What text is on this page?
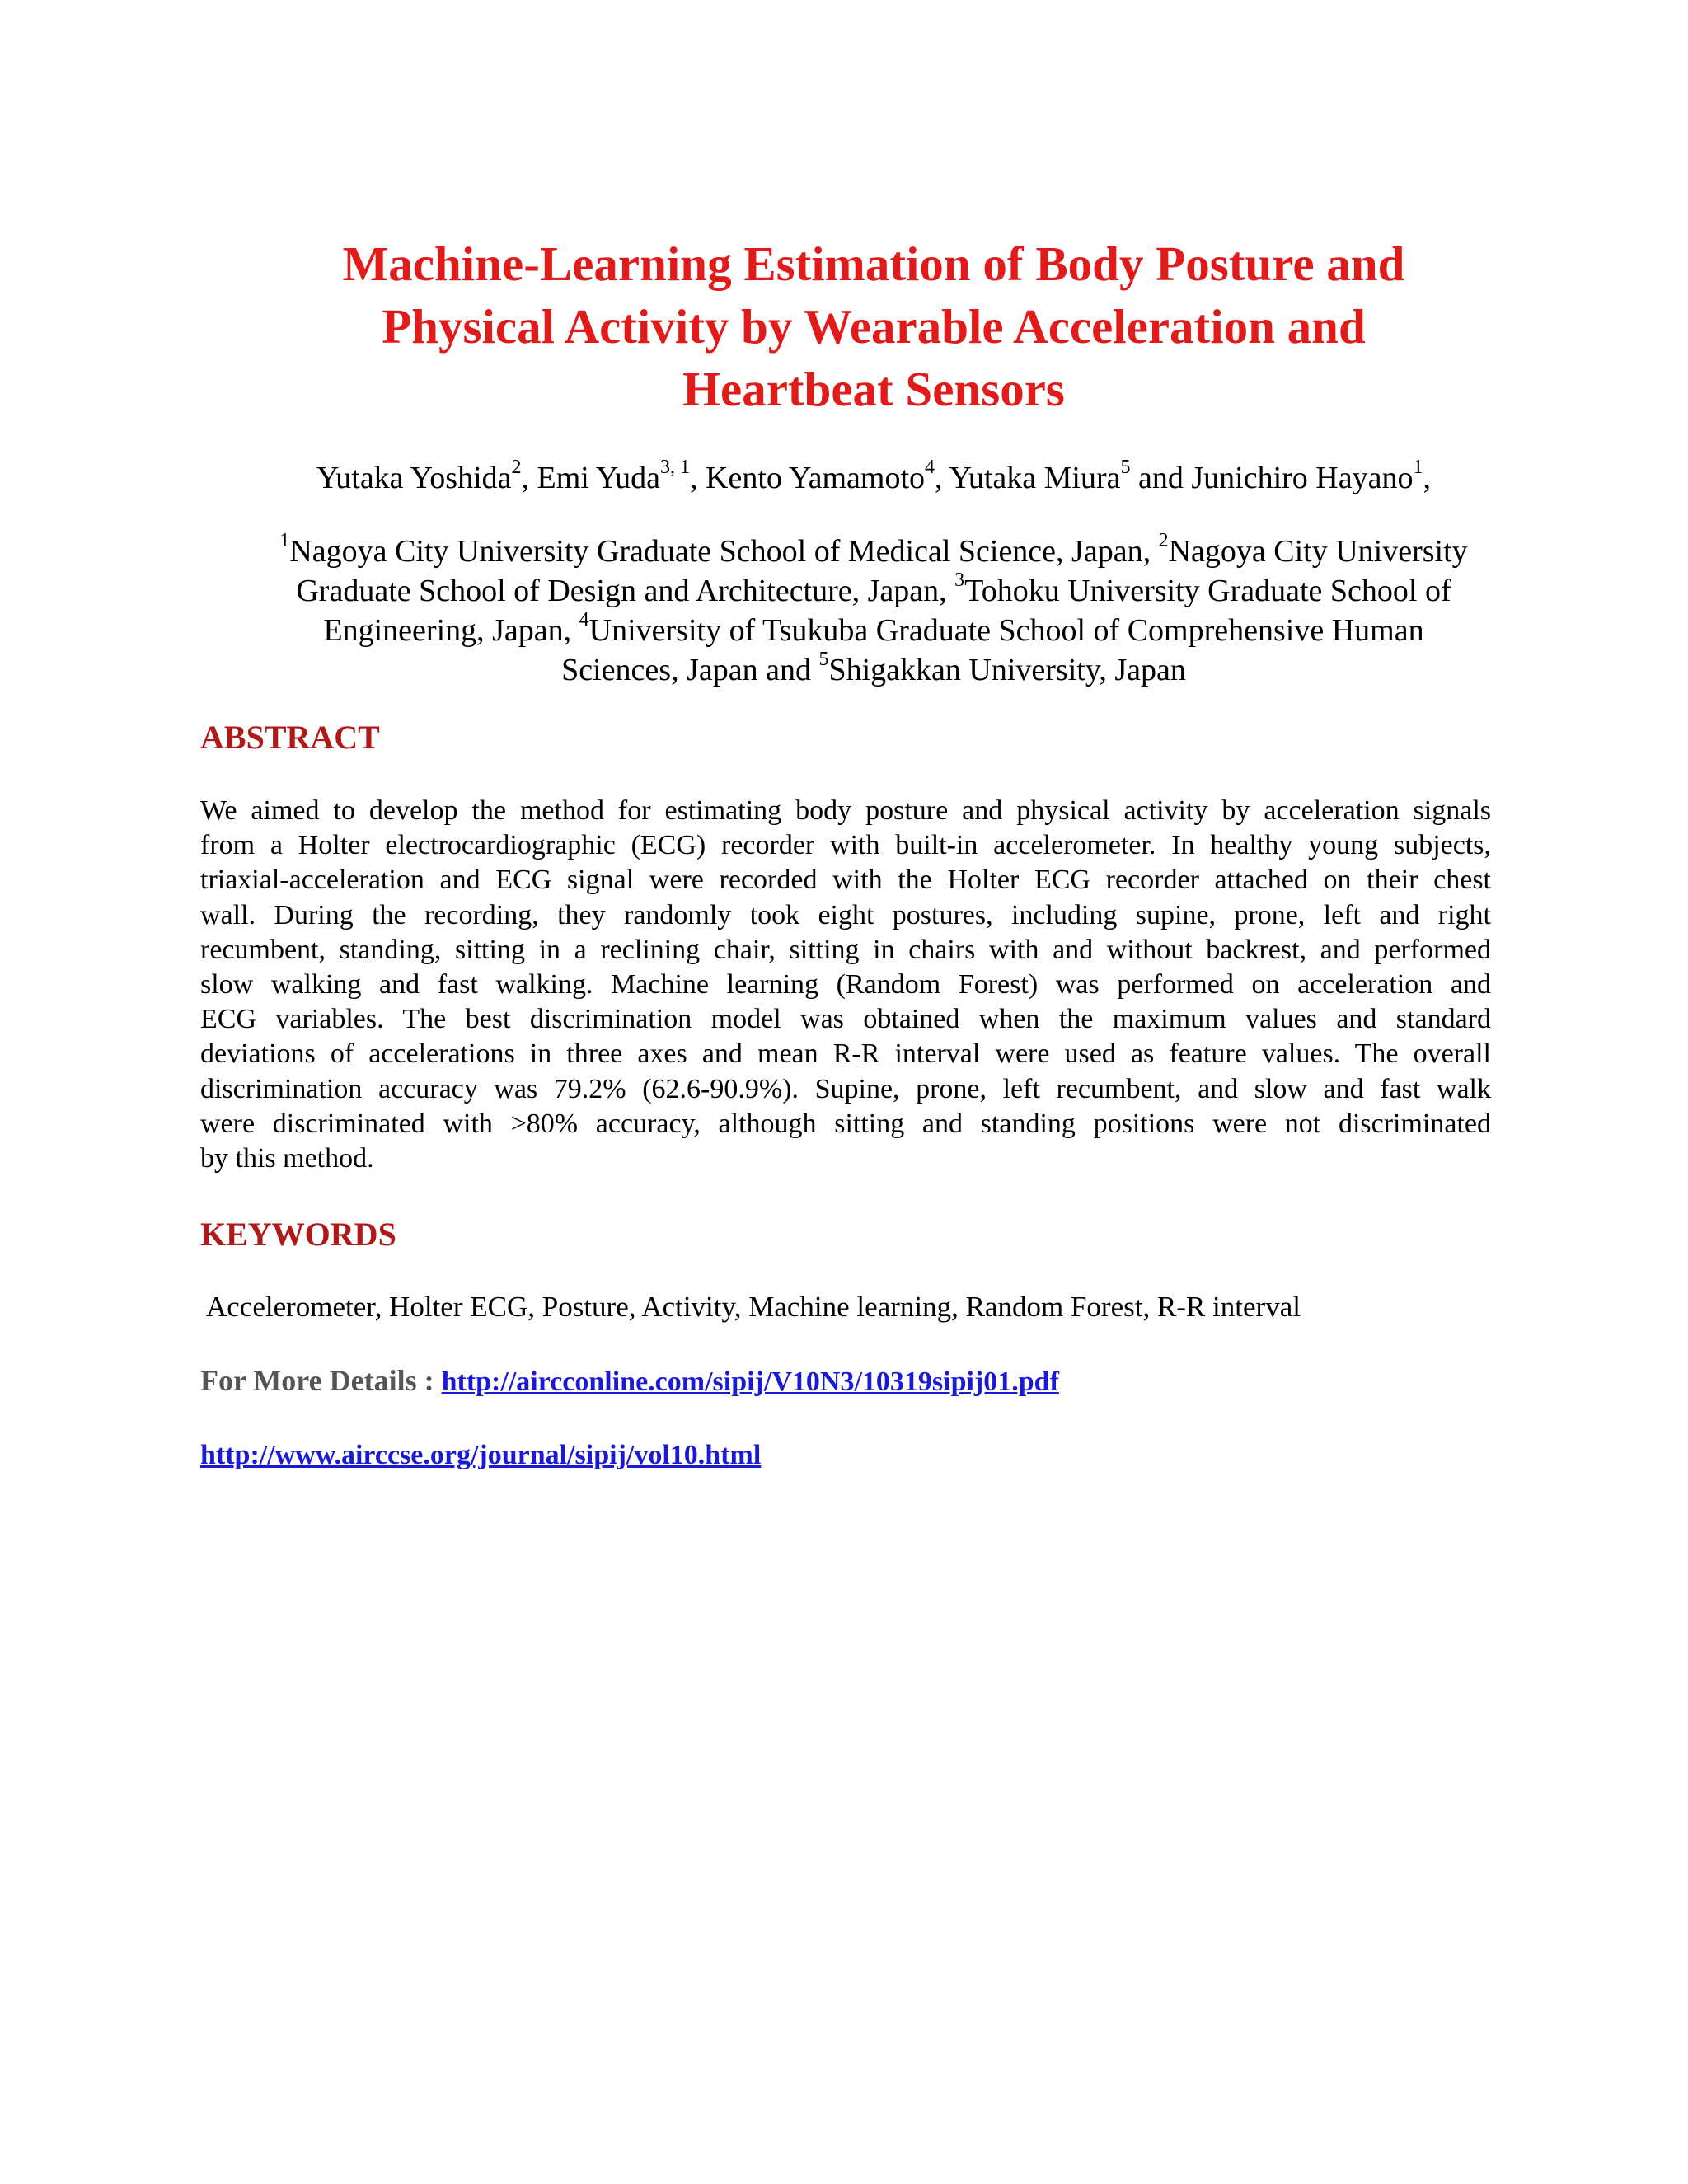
Machine-Learning Estimation of Body Posture and
Physical Activity by Wearable Acceleration and
Heartbeat Sensors
Yutaka Yoshida$^2$, Emi Yuda$^{3, 1}$, Kento Yamamoto$^4$, Yutaka Miura$^5$ and Junichiro Hayano$^1$,
$^1$Nagoya City University Graduate School of Medical Science, Japan, $^2$Nagoya City University
Graduate School of Design and Architecture, Japan, $^3$Tohoku University Graduate School of
Engineering, Japan, $^4$University of Tsukuba Graduate School of Comprehensive Human
Sciences, Japan and $^5$Shigakkan University, Japan
ABSTRACT
We aimed to develop the method for estimating body posture and physical activity by acceleration signals
from a Holter electrocardiographic (ECG) recorder with built-in accelerometer. In healthy young subjects,
triaxial-acceleration and ECG signal were recorded with the Holter ECG recorder attached on their chest
wall. During the recording, they randomly took eight postures, including supine, prone, left and right
recumbent, standing, sitting in a reclining chair, sitting in chairs with and without backrest, and performed
slow walking and fast walking. Machine learning (Random Forest) was performed on acceleration and
ECG variables. The best discrimination model was obtained when the maximum values and standard
deviations of accelerations in three axes and mean R-R interval were used as feature values. The overall
discrimination accuracy was 79.2% (62.6-90.9%). Supine, prone, left recumbent, and slow and fast walk
were discriminated with >80% accuracy, although sitting and standing positions were not discriminated
by this method.
KEYWORDS
Accelerometer, Holter ECG, Posture, Activity, Machine learning, Random Forest, R-R interval
For More Details : http://aircconline.com/sipij/V10N3/10319sipij01.pdf
http://www.airccse.org/journal/sipij/vol10.html
